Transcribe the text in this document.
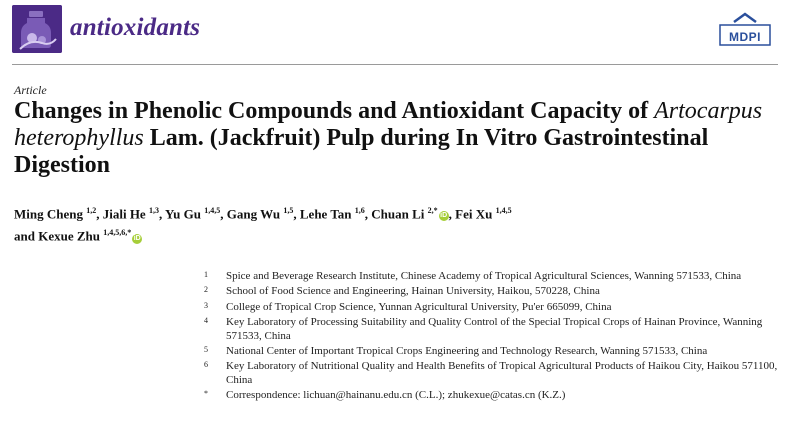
antioxidants	MDPI
Article
Changes in Phenolic Compounds and Antioxidant Capacity of Artocarpus heterophyllus Lam. (Jackfruit) Pulp during In Vitro Gastrointestinal Digestion
Ming Cheng $^{1,2}$, Jiali He $^{1,3}$, Yu Gu $^{1,4,5}$, Gang Wu $^{1,5}$, Lehe Tan $^{1,6}$, Chuan Li $^{2,*}$iD , Fei Xu $^{1,4,5}$
and Kexue Zhu $^{1,4,5,6,*}$iD
1 Spice and Beverage Research Institute, Chinese Academy of Tropical Agricultural Sciences, Wanning 571533, China
2 School of Food Science and Engineering, Hainan University, Haikou, 570228, China
3 College of Tropical Crop Science, Yunnan Agricultural University, Pu'er 665099, China
4 Key Laboratory of Processing Suitability and Quality Control of the Special Tropical Crops of Hainan Province, Wanning 571533, China
5 National Center of Important Tropical Crops Engineering and Technology Research, Wanning 571533, China
6 Key Laboratory of Nutritional Quality and Health Benefits of Tropical Agricultural Products of Haikou City, Haikou 571100, China
* Correspondence: lichuan@hainanu.edu.cn (C.L.); zhukexue@catas.cn (K.Z.)
